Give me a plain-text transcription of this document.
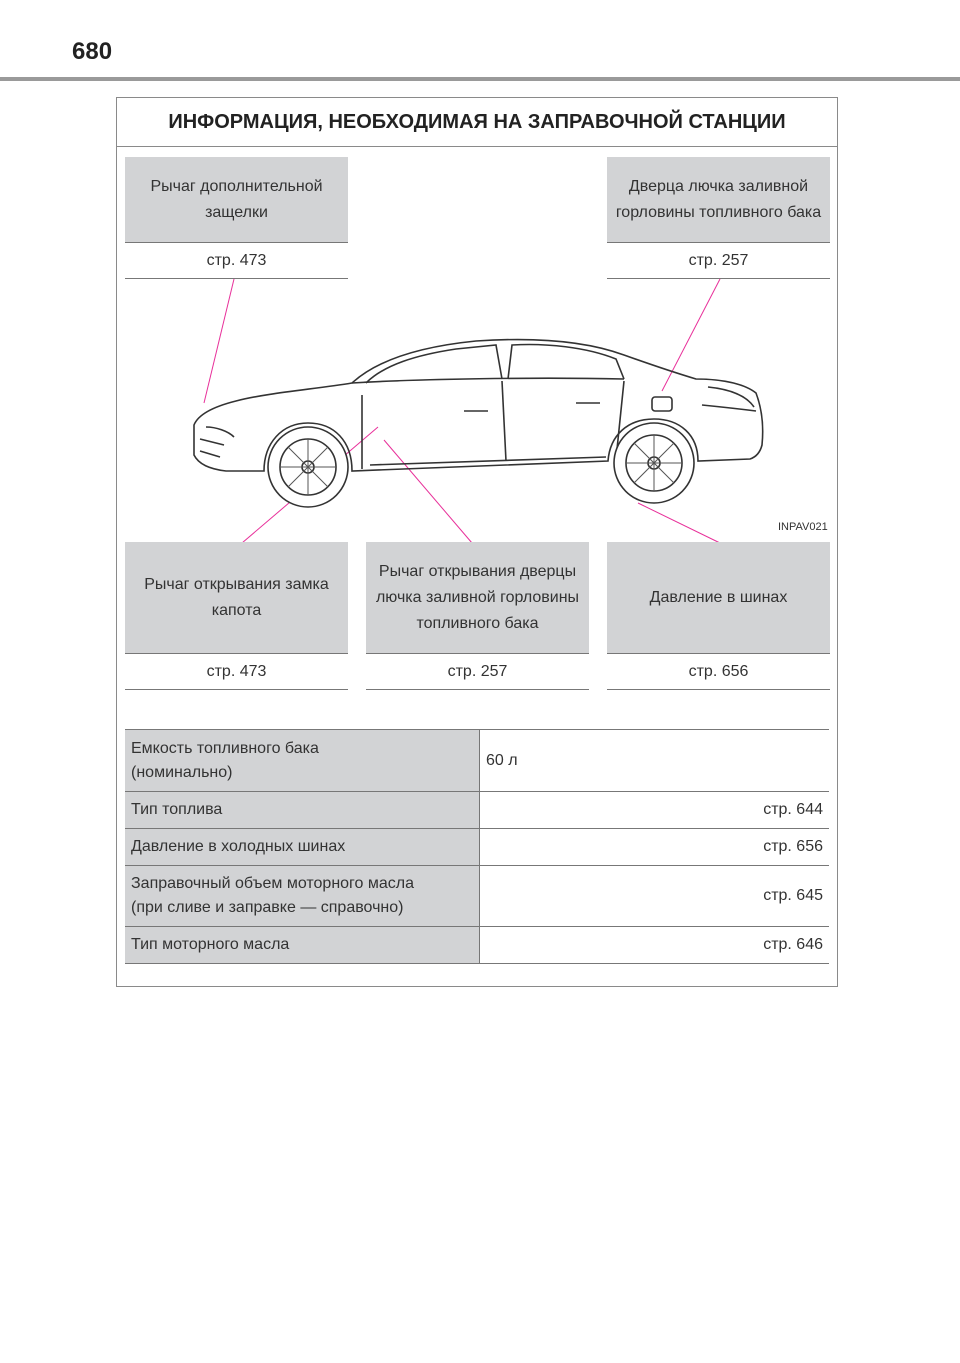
680
ИНФОРМАЦИЯ, НЕОБХОДИМАЯ НА ЗАПРАВОЧНОЙ СТАНЦИИ
Рычаг дополнительной защелки
стр. 473
Дверца лючка заливной горловины топливного бака
стр. 257
INPAV021
Рычаг открывания замка капота
стр. 473
Рычаг открывания дверцы лючка заливной горловины топливного бака
стр. 257
Давление в шинах
стр. 656
Емкость топливного бака
(номинально)	60 л
Тип топлива	стр. 644
Давление в холодных шинах	стр. 656
Заправочный объем моторного масла
(при сливе и заправке — справочно)	стр. 645
Тип моторного масла	стр. 646
